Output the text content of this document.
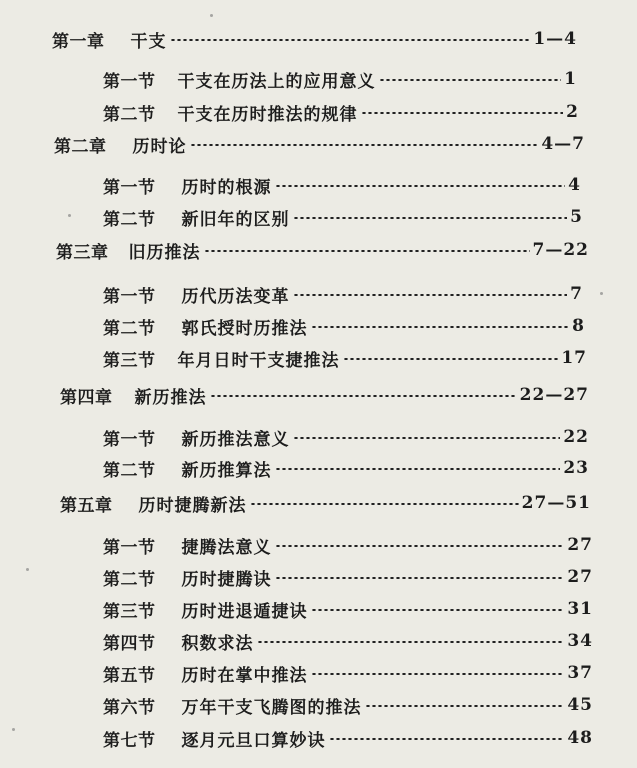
第一章 干支	1—4
第一节 干支在历法上的应用意义	1
第二节 干支在历时推法的规律	2
第二章 历时论	4—7
第一节 历时的根源	4
第二节 新旧年的区别	5
第三章 旧历推法	7—22
第一节 历代历法变革	7
第二节 郭氏授时历推法	8
第三节 年月日时干支捷推法	17
第四章 新历推法	22—27
第一节 新历推法意义	22
第二节 新历推算法	23
第五章 历时捷腾新法	27—51
第一节 捷腾法意义	27
第二节 历时捷腾诀	27
第三节 历时进退遁捷诀	31
第四节 积数求法	34
第五节 历时在掌中推法	37
第六节 万年干支飞腾图的推法	45
第七节 逐月元旦口算妙诀	48
